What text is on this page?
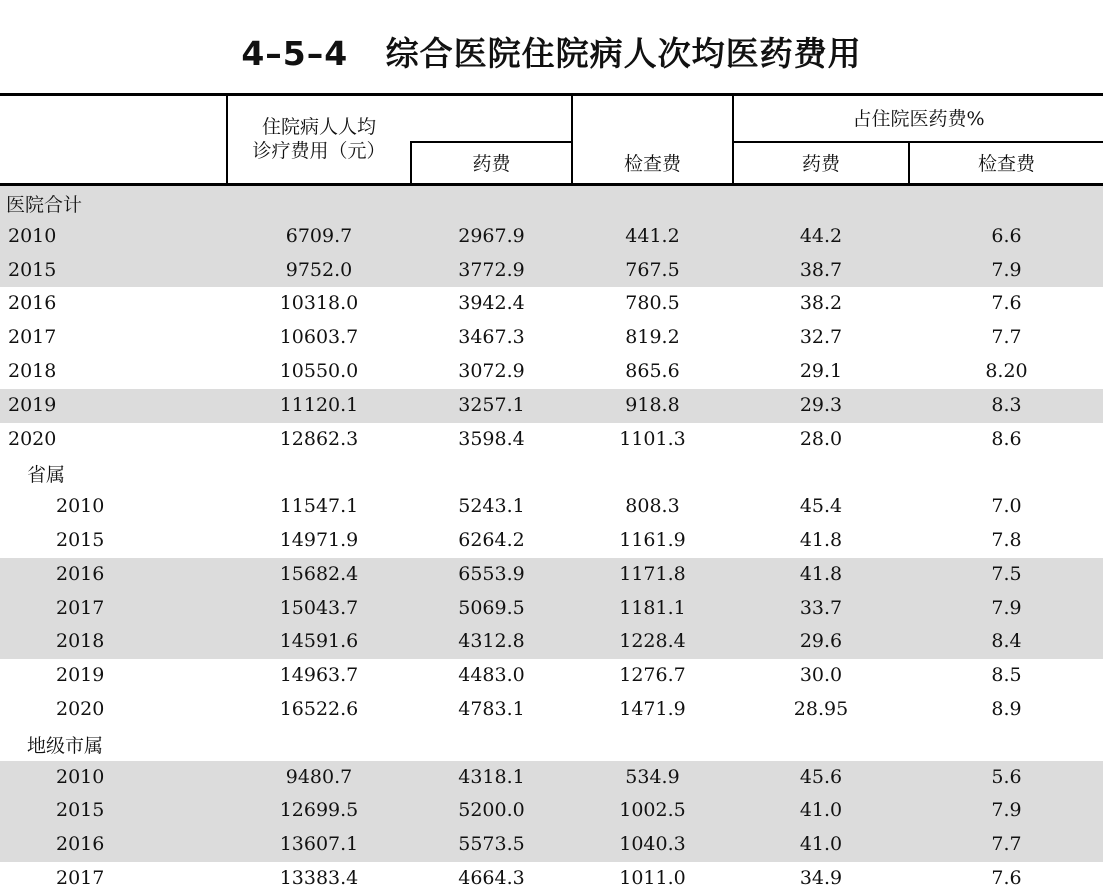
4–5–4   综合医院住院病人次均医药费用
住院病人人均
诊疗费用（元）
占住院医药费%
药费	检查费	药费	检查费
医院合计
2010	6709.7	2967.9	441.2	44.2	6.6
2015	9752.0	3772.9	767.5	38.7	7.9
2016	10318.0	3942.4	780.5	38.2	7.6
2017	10603.7	3467.3	819.2	32.7	7.7
2018	10550.0	3072.9	865.6	29.1	8.20
2019	11120.1	3257.1	918.8	29.3	8.3
2020	12862.3	3598.4	1101.3	28.0	8.6
省属
2010	11547.1	5243.1	808.3	45.4	7.0
2015	14971.9	6264.2	1161.9	41.8	7.8
2016	15682.4	6553.9	1171.8	41.8	7.5
2017	15043.7	5069.5	1181.1	33.7	7.9
2018	14591.6	4312.8	1228.4	29.6	8.4
2019	14963.7	4483.0	1276.7	30.0	8.5
2020	16522.6	4783.1	1471.9	28.95	8.9
地级市属
2010	9480.7	4318.1	534.9	45.6	5.6
2015	12699.5	5200.0	1002.5	41.0	7.9
2016	13607.1	5573.5	1040.3	41.0	7.7
2017	13383.4	4664.3	1011.0	34.9	7.6
